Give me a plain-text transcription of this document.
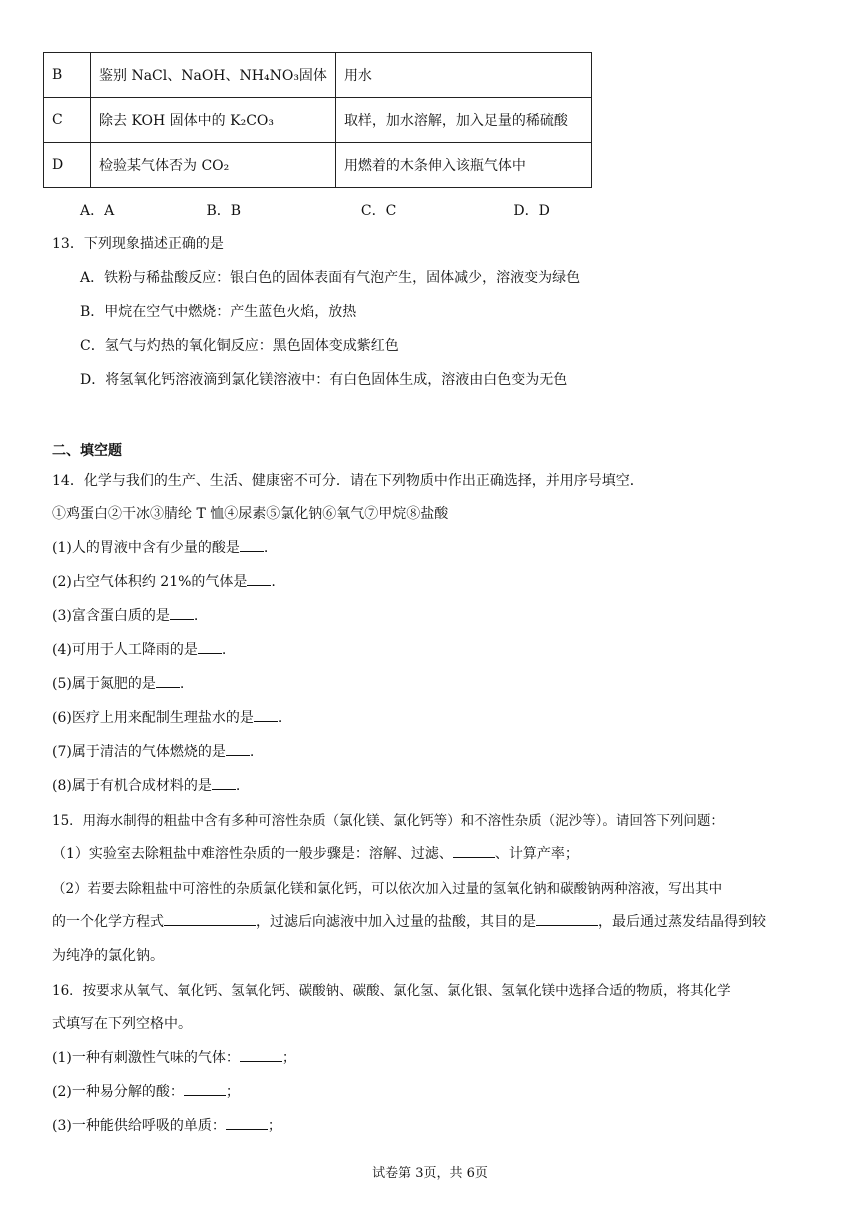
B	鉴别 NaCl、NaOH、NH₄NO₃固体	用水
C	除去 KOH 固体中的 K₂CO₃	取样，加水溶解，加入足量的稀硫酸
D	检验某气体否为 CO₂	用燃着的木条伸入该瓶气体中
A．A	B．B	C．C	D．D
13．下列现象描述正确的是
A．铁粉与稀盐酸反应：银白色的固体表面有气泡产生，固体减少，溶液变为绿色
B．甲烷在空气中燃烧：产生蓝色火焰，放热
C．氢气与灼热的氧化铜反应：黑色固体变成紫红色
D．将氢氧化钙溶液滴到氯化镁溶液中：有白色固体生成，溶液由白色变为无色
二、填空题
14．化学与我们的生产、生活、健康密不可分．请在下列物质中作出正确选择，并用序号填空．
①鸡蛋白②干冰③腈纶 T 恤④尿素⑤氯化钠⑥氧气⑦甲烷⑧盐酸
(1)人的胃液中含有少量的酸是 .
(2)占空气体积约 21%的气体是 .
(3)富含蛋白质的是 .
(4)可用于人工降雨的是 .
(5)属于氮肥的是 .
(6)医疗上用来配制生理盐水的是 .
(7)属于清洁的气体燃烧的是 .
(8)属于有机合成材料的是 .
15．用海水制得的粗盐中含有多种可溶性杂质（氯化镁、氯化钙等）和不溶性杂质（泥沙等）。请回答下列问题：
（1）实验室去除粗盐中难溶性杂质的一般步骤是：溶解、过滤、	、计算产率；
（2）若要去除粗盐中可溶性的杂质氯化镁和氯化钙，可以依次加入过量的氢氧化钠和碳酸钠两种溶液，写出其中
的一个化学方程式	，过滤后向滤液中加入过量的盐酸，其目的是	，最后通过蒸发结晶得到较
为纯净的氯化钠。
16．按要求从氧气、氧化钙、氢氧化钙、碳酸钠、碳酸、氯化氢、氯化银、氢氧化镁中选择合适的物质，将其化学
式填写在下列空格中。
(1)一种有刺激性气味的气体：	；
(2)一种易分解的酸：	；
(3)一种能供给呼吸的单质：	；
试卷第 3页，共 6页
